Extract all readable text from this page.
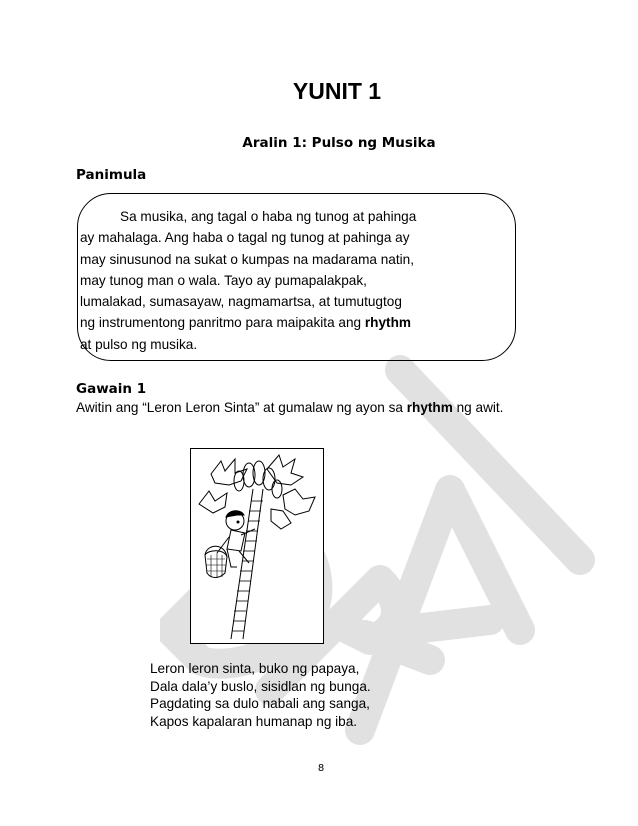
YUNIT 1
Aralin 1: Pulso ng Musika
Panimula
Sa musika, ang tagal o haba ng tunog at pahinga
ay mahalaga. Ang haba o tagal ng tunog at pahinga ay
may sinusunod na sukat o kumpas na madarama natin,
may tunog man o wala. Tayo ay pumapalakpak,
lumalakad, sumasayaw, nagmamartsa, at tumutugtog
ng instrumentong panritmo para maipakita ang rhythm
at pulso ng musika.
Gawain 1
Awitin ang “Leron Leron Sinta” at gumalaw ng ayon sa rhythm ng awit.
Leron leron sinta, buko ng papaya,
Dala dala’y buslo, sisidlan ng bunga.
Pagdating sa dulo nabali ang sanga,
Kapos kapalaran humanap ng iba.
8
